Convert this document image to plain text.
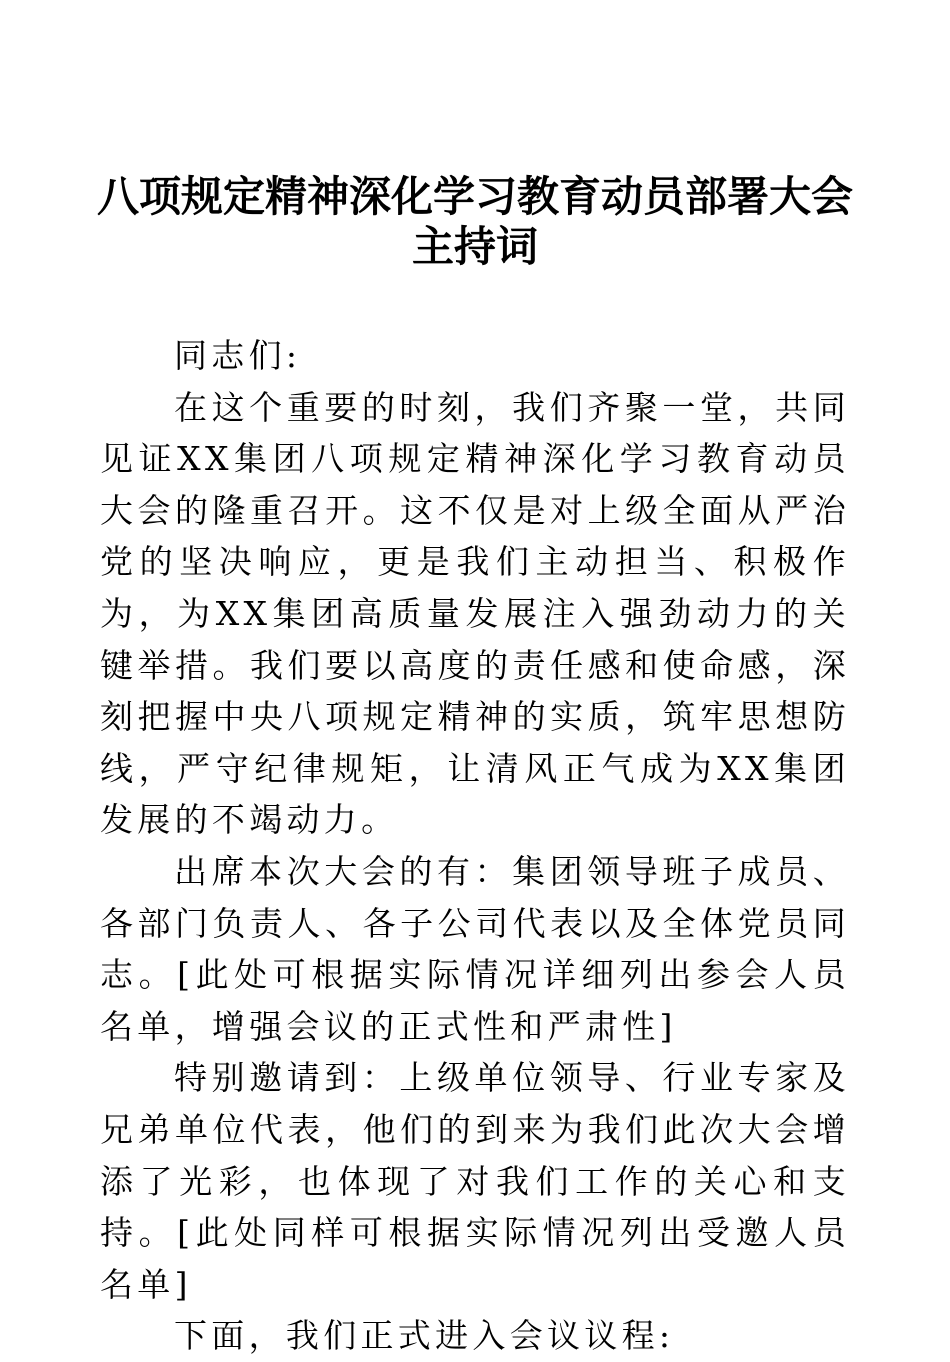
八项规定精神深化学习教育动员部署大会
主持词

同志们:

在这个重要的时刻，我们齐聚一堂，共同见证XX集团八项规定精神深化学习教育动员大会的隆重召开。这不仅是对上级全面从严治党的坚决响应，更是我们主动担当、积极作为，为XX集团高质量发展注入强劲动力的关键举措。我们要以高度的责任感和使命感，深刻把握中央八项规定精神的实质，筑牢思想防线，严守纪律规矩，让清风正气成为XX集团发展的不竭动力。

出席本次大会的有：集团领导班子成员、各部门负责人、各子公司代表以及全体党员同志。[此处可根据实际情况详细列出参会人员名单，增强会议的正式性和严肃性]

特别邀请到：上级单位领导、行业专家及兄弟单位代表，他们的到来为我们此次大会增添了光彩，也体现了对我们工作的关心和支持。[此处同样可根据实际情况列出受邀人员名单]

下面，我们正式进入会议议程:
